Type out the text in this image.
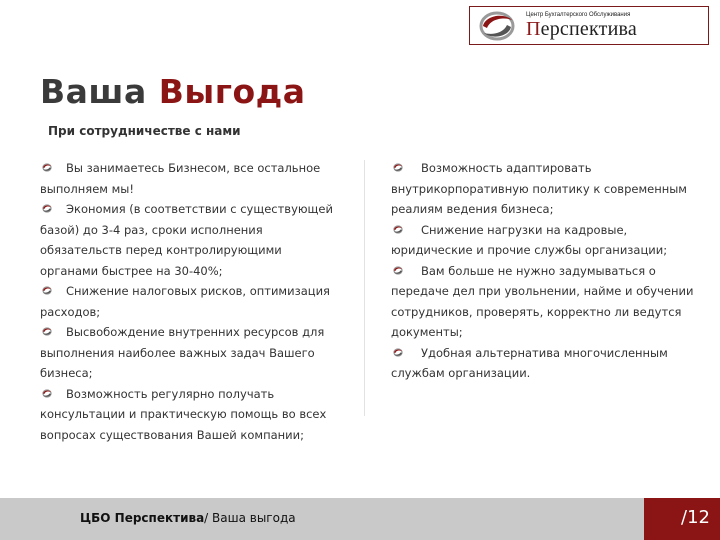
Центр Бухгалтерского Обслуживания
Перспектива
Ваша Выгода
При сотрудничестве с нами
Вы занимаетесь Бизнесом, все остальное выполняем мы!
Экономия (в соответствии с существующей базой) до 3-4 раз, сроки исполнения обязательств перед контролирующими органами быстрее на 30-40%;
Снижение налоговых рисков, оптимизация расходов;
Высвобождение внутренних ресурсов для выполнения наиболее важных задач Вашего бизнеса;
Возможность регулярно получать консультации и практическую помощь во всех вопросах существования Вашей компании;
Возможность адаптировать внутрикорпоративную политику к современным реалиям ведения бизнеса;
Снижение нагрузки на кадровые, юридические и прочие службы организации;
Вам больше не нужно задумываться о передаче дел при увольнении, найме и обучении сотрудников, проверять, корректно ли ведутся документы;
Удобная альтернатива многочисленным службам организации.
ЦБО Перспектива/ Ваша выгода	/12
